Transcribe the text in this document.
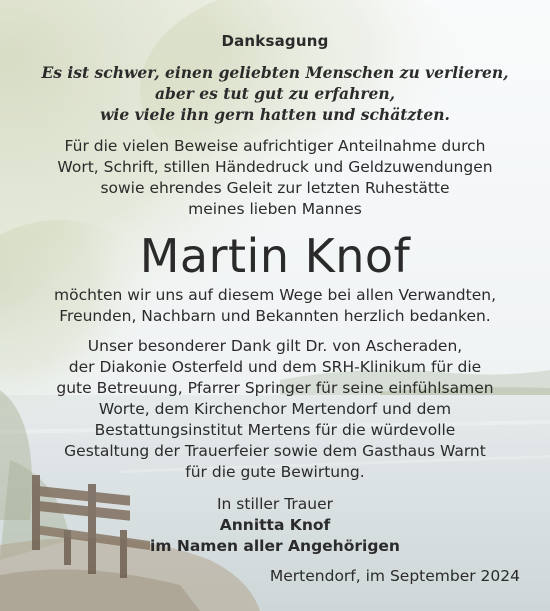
Danksagung
Es ist schwer, einen geliebten Menschen zu verlieren,
aber es tut gut zu erfahren,
wie viele ihn gern hatten und schätzten.
Für die vielen Beweise aufrichtiger Anteilnahme durch
Wort, Schrift, stillen Händedruck und Geldzuwendungen
sowie ehrendes Geleit zur letzten Ruhestätte
meines lieben Mannes
Martin Knof
möchten wir uns auf diesem Wege bei allen Verwandten,
Freunden, Nachbarn und Bekannten herzlich bedanken.
Unser besonderer Dank gilt Dr. von Ascheraden,
der Diakonie Osterfeld und dem SRH-Klinikum für die
gute Betreuung, Pfarrer Springer für seine einfühlsamen
Worte, dem Kirchenchor Mertendorf und dem
Bestattungsinstitut Mertens für die würdevolle
Gestaltung der Trauerfeier sowie dem Gasthaus Warnt
für die gute Bewirtung.
In stiller Trauer
Annitta Knof
im Namen aller Angehörigen
Mertendorf, im September 2024
